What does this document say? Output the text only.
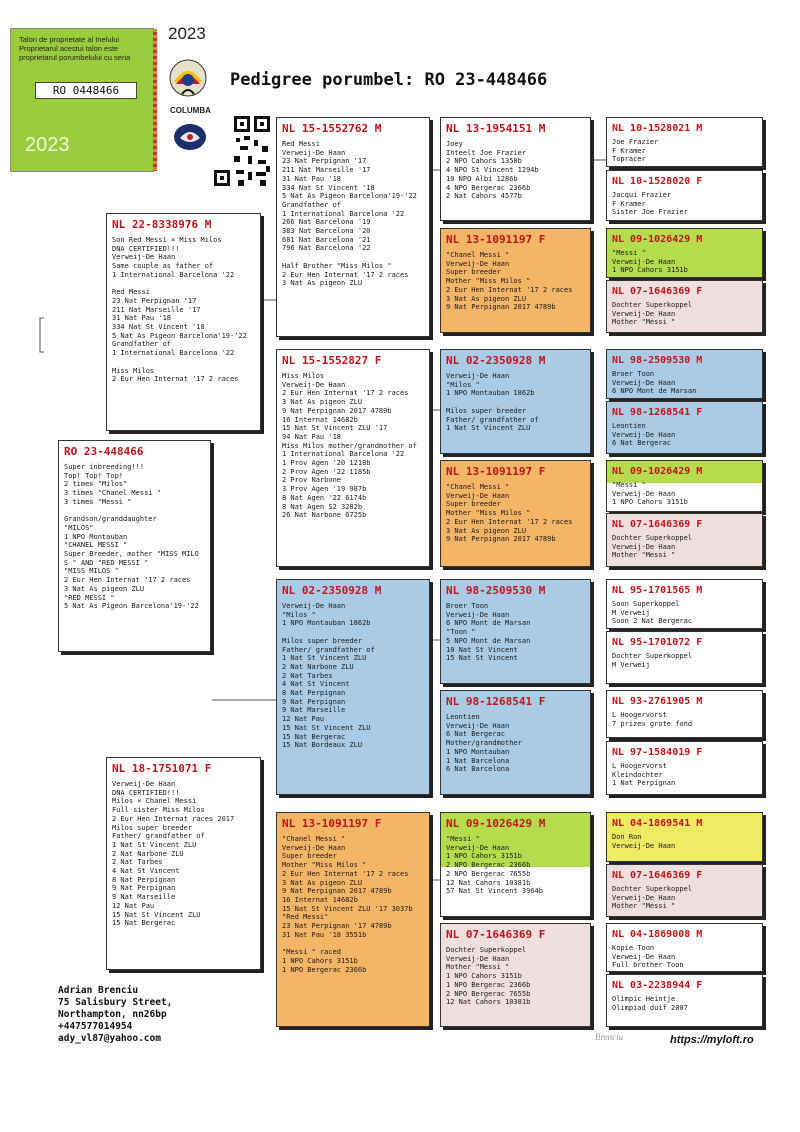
Talon de proprietate al Inelului
Proprietarul acestui talon este
proprietarul porumbelului cu seria
RO 0448466
2023
2023
COLUMBA
Pedigree porumbel: RO 23-448466
RO 23-448466
Super inbreeding!!!
Top! Top! Top!
2 times "Milos"
3 times "Chanel Messi "
3 times "Messi "
Grandson/granddaughter
"MILOS"
1 NPO Montauban
"CHANEL MESSI "
Super Breeder, mother "MISS MILO
S " AND "RED MESSI "
"MISS MILOS "
2 Eur Hen Internat '17 2 races
3 Nat As pigeon ZLU
"RED MESSI "
5 Nat As Pigeon Barcelona'19-'22
NL 22-8338976 M
Son Red Messi × Miss Milos
DNA CERTIFIED!!!
Verweij-De Haan
Same couple as father of
1 International Barcelona '22
Red Messi
23 Nat Perpignan '17
211 Nat Marseille '17
31 Nat Pau '18
334 Nat St Vincent '18
5 Nat As Pigeon Barcelona'19-'22
Grandfather of
1 International Barcelona '22
Miss Milos
2 Eur Hen Internat '17 2 races
NL 18-1751071 F
Verweij-De Haan
DNA CERTIFIED!!!
Milos × Chanel Messi
Full sister Miss Milos
2 Eur Hen Internat races 2017
Milos super breeder
Father/ grandfather of
1 Nat St Vincent ZLU
2 Nat Narbone ZLU
2 Nat Tarbes
4 Nat St Vincent
8 Nat Perpignan
9 Nat Perpignan
9 Nat Marseille
12 Nat Pau
15 Nat St Vincent ZLU
15 Nat Bergerac
NL 15-1552762 M
Red Messi
Verweij-De Haan
23 Nat Perpignan '17
211 Nat Marseille '17
31 Nat Pau '18
334 Nat St Vincent '18
5 Nat As Pigeon Barcelona'19-'22
Grandfather of
1 International Barcelona '22
266 Nat Barcelona '19
383 Nat Barcelona '20
681 Nat Barcelona '21
796 Nat Barcelona '22
Half Brother "Miss Milos "
2 Eur Hen Internat '17 2 races
3 Nat As pigeon ZLU
NL 15-1552827 F
Miss Milos
Verweij-De Haan
2 Eur Hen Internat '17 2 races
3 Nat As pigeon ZLU
9 Nat Perpignan 2017 4789b
16 Internat 14682b
15 Nat St Vincent ZLU '17
94 Nat Pau '18
Miss Milos mother/grandmother of
1 International Barcelona '22
1 Prov Agen '20 1218b
2 Prov Agen '22 1185b
2 Prov Narbone
3 Prov Agen '19 987b
8 Nat Agen '22 6174b
8 Nat Agen S2 3282b
26 Nat Narbone 6725b
NL 02-2350928 M
Verweij-De Haan
"Milos "
1 NPO Montauban 1862b
Milos super breeder
Father/ grandfather of
1 Nat St Vincent ZLU
2 Nat Narbone ZLU
2 Nat Tarbes
4 Nat St Vincent
8 Nat Perpignan
9 Nat Perpignan
9 Nat Marseille
12 Nat Pau
15 Nat St Vincent ZLU
15 Nat Bergerac
15 Nat Bordeaux ZLU
NL 13-1091197 F
"Chanel Messi "
Verweij-De Haan
Super breeder
Mother "Miss Milos "
2 Eur Hen Internat '17 2 races
3 Nat As pigeon ZLU
9 Nat Perpignan 2017 4789b
16 Internat 14682b
15 Nat St Vincent ZLU '17 3037b
"Red Messi"
23 Nat Perpignan '17 4789b
31 Nat Pau '18 3551b
"Messi " raced
1 NPO Cahors 3151b
1 NPO Bergerac 2366b
NL 13-1954151 M
Joey
Inteelt Joe Frazier
2 NPO Cahors 1358b
4 NPO St Vincent 1294b
10 NPO Albi 1286b
4 NPO Bergerac 2366b
2 Nat Cahors 4577b
NL 13-1091197 F
"Chanel Messi "
Verweij-De Haan
Super breeder
Mother "Miss Milos "
2 Eur Hen Internat '17 2 races
3 Nat As pigeon ZLU
9 Nat Perpignan 2017 4789b
NL 02-2350928 M
Verweij-De Haan
"Milos "
1 NPO Montauban 1862b
Milos super breeder
Father/ grandfather of
1 Nat St Vincent ZLU
NL 13-1091197 F
"Chanel Messi "
Verweij-De Haan
Super breeder
Mother "Miss Milos "
2 Eur Hen Internat '17 2 races
3 Nat As pigeon ZLU
9 Nat Perpignan 2017 4789b
NL 98-2509530 M
Broer Toon
Verweij-De Haan
6 NPO Mont de Marsan
"Toon "
5 NPO Mont de Marsan
10 Nat St Vincent
15 Nat St Vincent
NL 98-1268541 F
Leontien
Verweij-De Haan
6 Nat Bergerac
Mother/grandmother
1 NPO Montauban
1 Nat Barcelona
6 Nat Barcelona
NL 09-1026429 M
"Messi "
Verweij-De Haan
1 NPO Cahors 3151b
2 NPO Bergerac 2366b
2 NPO Bergerac 7655b
12 Nat Cahors 10381b
57 Nat St Vincent 3964b
NL 07-1646369 F
Dochter Superkoppel
Verweij-De Haan
Mother "Messi "
1 NPO Cahors 3151b
1 NPO Bergerac 2366b
2 NPO Bergerac 7655b
12 Nat Cahors 10381b
NL 10-1528021 M
Joe Frazier
F Kramer
Topracer
NL 10-1528020 F
Jacqui Frazier
F Kramer
Sister Joe Frazier
NL 09-1026429 M
"Messi "
Verweij-De Haan
1 NPO Cahors 3151b
NL 07-1646369 F
Dochter Superkoppel
Verweij-De Haan
Mother "Messi "
NL 98-2509530 M
Broer Toon
Verweij-De Haan
6 NPO Mont de Marsan
NL 98-1268541 F
Leontien
Verweij-De Haan
6 Nat Bergerac
NL 09-1026429 M
"Messi "
Verweij-De Haan
1 NPO Cahors 3151b
NL 07-1646369 F
Dochter Superkoppel
Verweij-De Haan
Mother "Messi "
NL 95-1701565 M
Soon Superkoppel
M Verweij
Soon 2 Nat Bergerac
NL 95-1701072 F
Dochter Superkoppel
M Verweij
NL 93-2761905 M
L Hoogervorst
7 prizes grote fond
NL 97-1584019 F
L Hoogervorst
Kleindochter
1 Nat Perpignan
NL 04-1869541 M
Don Ron
Verweij-De Haan
NL 07-1646369 F
Dochter Superkoppel
Verweij-De Haan
Mother "Messi "
NL 04-1869008 M
Kopie Toon
Verweij-De Haan
Full brother Toon
NL 03-2238944 F
Olimpic Heintje
Olimpiad duif 2007
Adrian Brenciu
75 Salisbury Street,
Northampton, nn26bp
+447577014954
ady_vl87@yahoo.com	Brenciu	https://myloft.ro
